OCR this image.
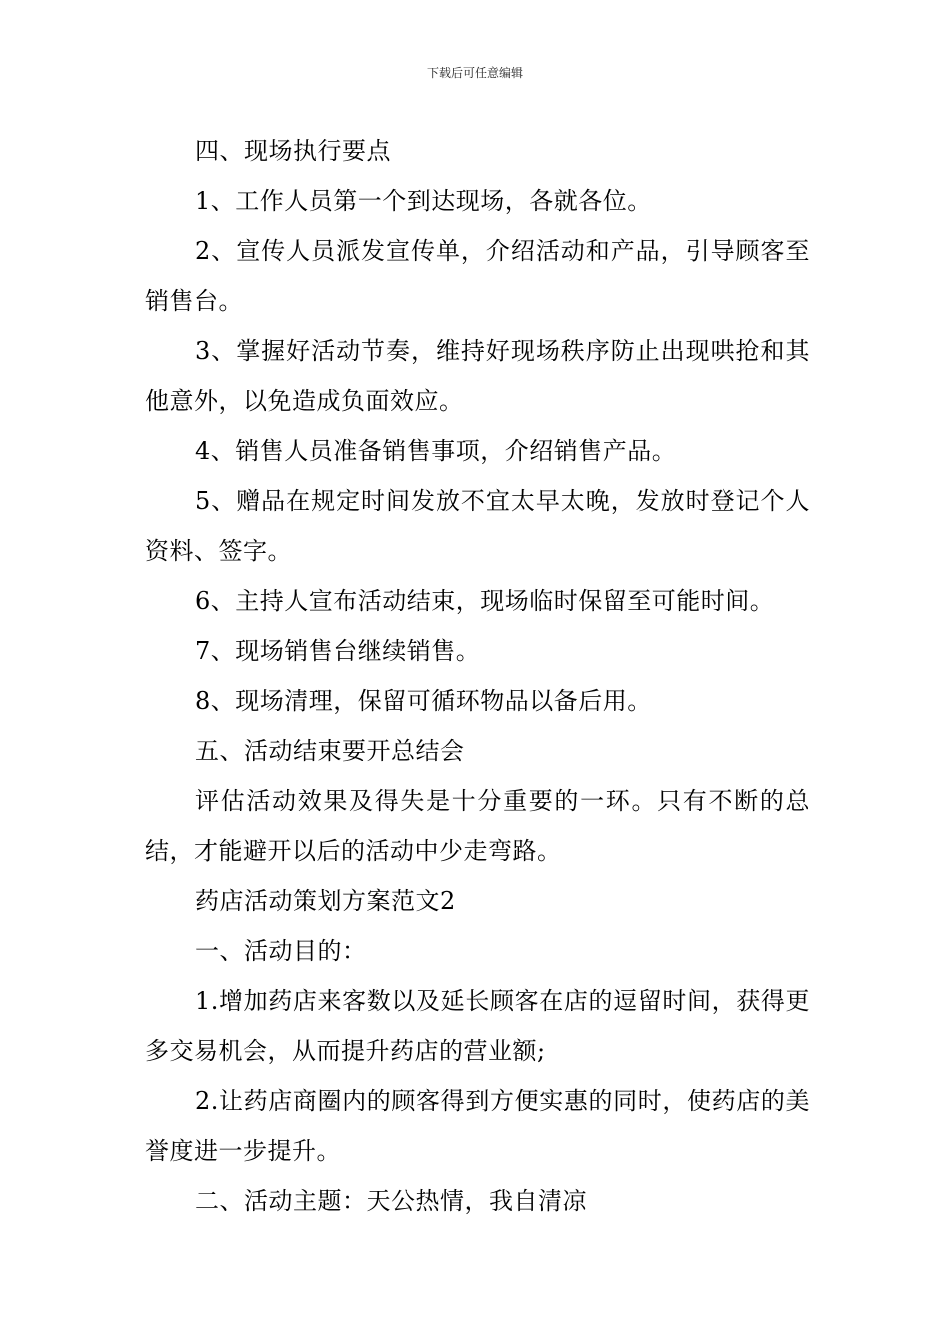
下载后可任意编辑

四、现场执行要点

1、工作人员第一个到达现场，各就各位。

2、宣传人员派发宣传单，介绍活动和产品，引导顾客至销售台。

3、掌握好活动节奏，维持好现场秩序防止出现哄抢和其他意外，以免造成负面效应。

4、销售人员准备销售事项，介绍销售产品。

5、赠品在规定时间发放不宜太早太晚，发放时登记个人资料、签字。

6、主持人宣布活动结束，现场临时保留至可能时间。

7、现场销售台继续销售。

8、现场清理，保留可循环物品以备后用。

五、活动结束要开总结会

评估活动效果及得失是十分重要的一环。只有不断的总结，才能避开以后的活动中少走弯路。

药店活动策划方案范文2

一、活动目的：

1.增加药店来客数以及延长顾客在店的逗留时间，获得更多交易机会，从而提升药店的营业额;

2.让药店商圈内的顾客得到方便实惠的同时，使药店的美誉度进一步提升。

二、活动主题：天公热情，我自清凉
